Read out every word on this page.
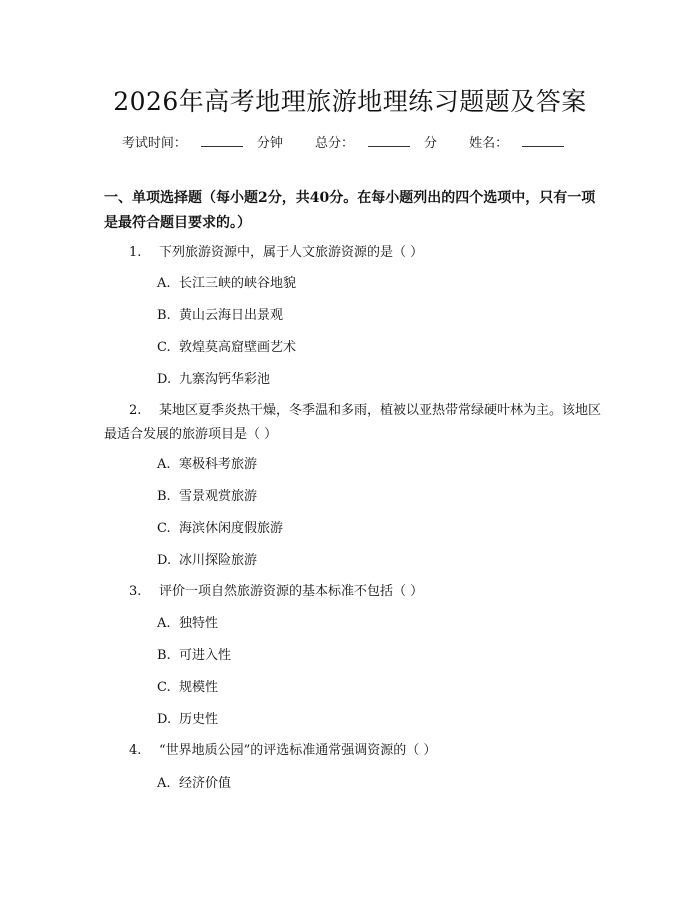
2026年高考地理旅游地理练习题题及答案
考试时间：	分钟 总分：	分 姓名：
一、单项选择题（每小题2分，共40分。在每小题列出的四个选项中，只有一项是最符合题目要求的。）
1. 下列旅游资源中，属于人文旅游资源的是（ ）
A. 长江三峡的峡谷地貌
B. 黄山云海日出景观
C. 敦煌莫高窟壁画艺术
D. 九寨沟钙华彩池
2. 某地区夏季炎热干燥，冬季温和多雨，植被以亚热带常绿硬叶林为主。该地区最适合发展的旅游项目是（ ）
A. 寒极科考旅游
B. 雪景观赏旅游
C. 海滨休闲度假旅游
D. 冰川探险旅游
3. 评价一项自然旅游资源的基本标准不包括（ ）
A. 独特性
B. 可进入性
C. 规模性
D. 历史性
4. “世界地质公园”的评选标准通常强调资源的（ ）
A. 经济价值
